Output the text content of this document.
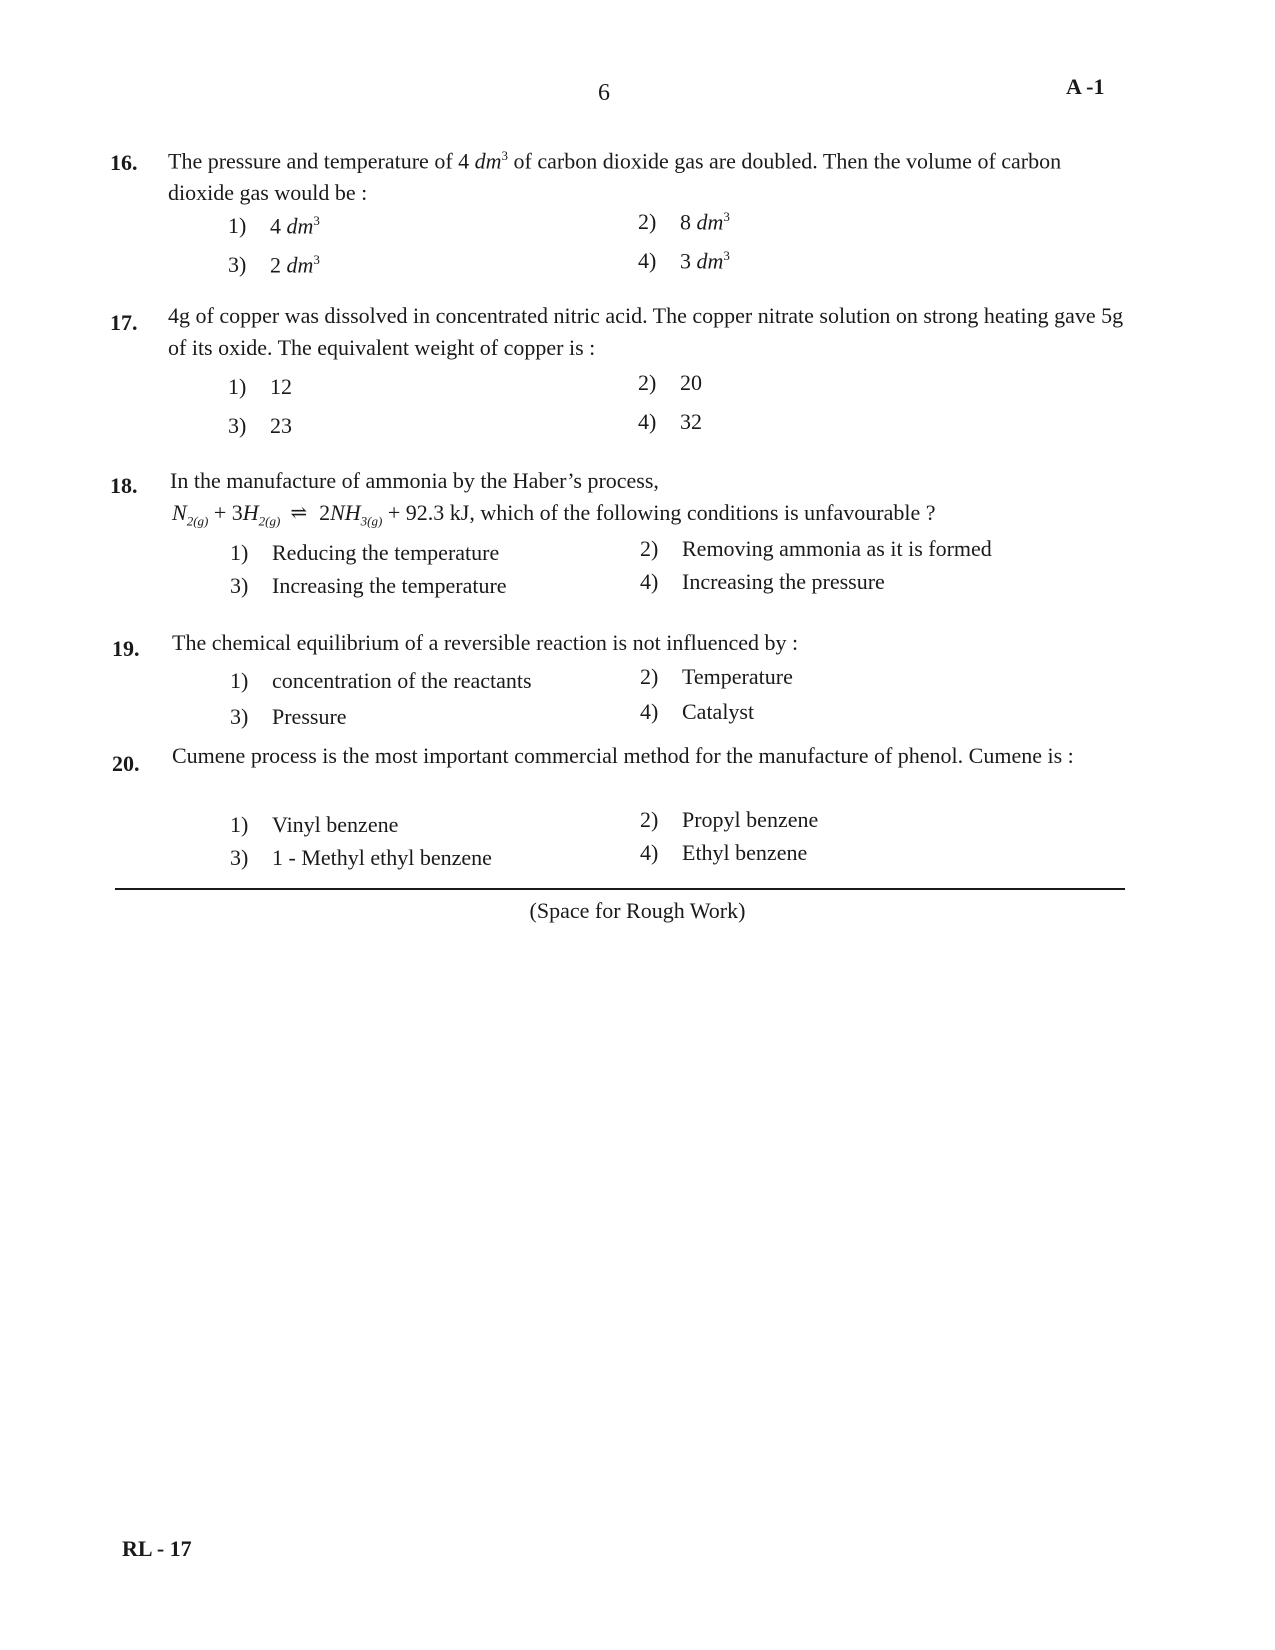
6	A -1
16. The pressure and temperature of 4 $dm^3$ of carbon dioxide gas are doubled. Then the volume of carbon dioxide gas would be :
1) 4 $dm^3$	2) 8 $dm^3$
3) 2 $dm^3$	4) 3 $dm^3$
17. 4g of copper was dissolved in concentrated nitric acid. The copper nitrate solution on strong heating gave 5g of its oxide. The equivalent weight of copper is :
1) 12	2) 20
3) 23	4) 32
18. In the manufacture of ammonia by the Haber’s process,
$N_{2(g)} + 3H_{2(g)}$ ⇌ $2NH_{3(g)} + 92.3$ kJ, which of the following conditions is unfavourable ?
1) Reducing the temperature	2) Removing ammonia as it is formed
3) Increasing the temperature	4) Increasing the pressure
19. The chemical equilibrium of a reversible reaction is not influenced by :
1) concentration of the reactants	2) Temperature
3) Pressure	4) Catalyst
20. Cumene process is the most important commercial method for the manufacture of phenol. Cumene is :
1) Vinyl benzene	2) Propyl benzene
3) 1 - Methyl ethyl benzene	4) Ethyl benzene
(Space for Rough Work)
RL - 17
